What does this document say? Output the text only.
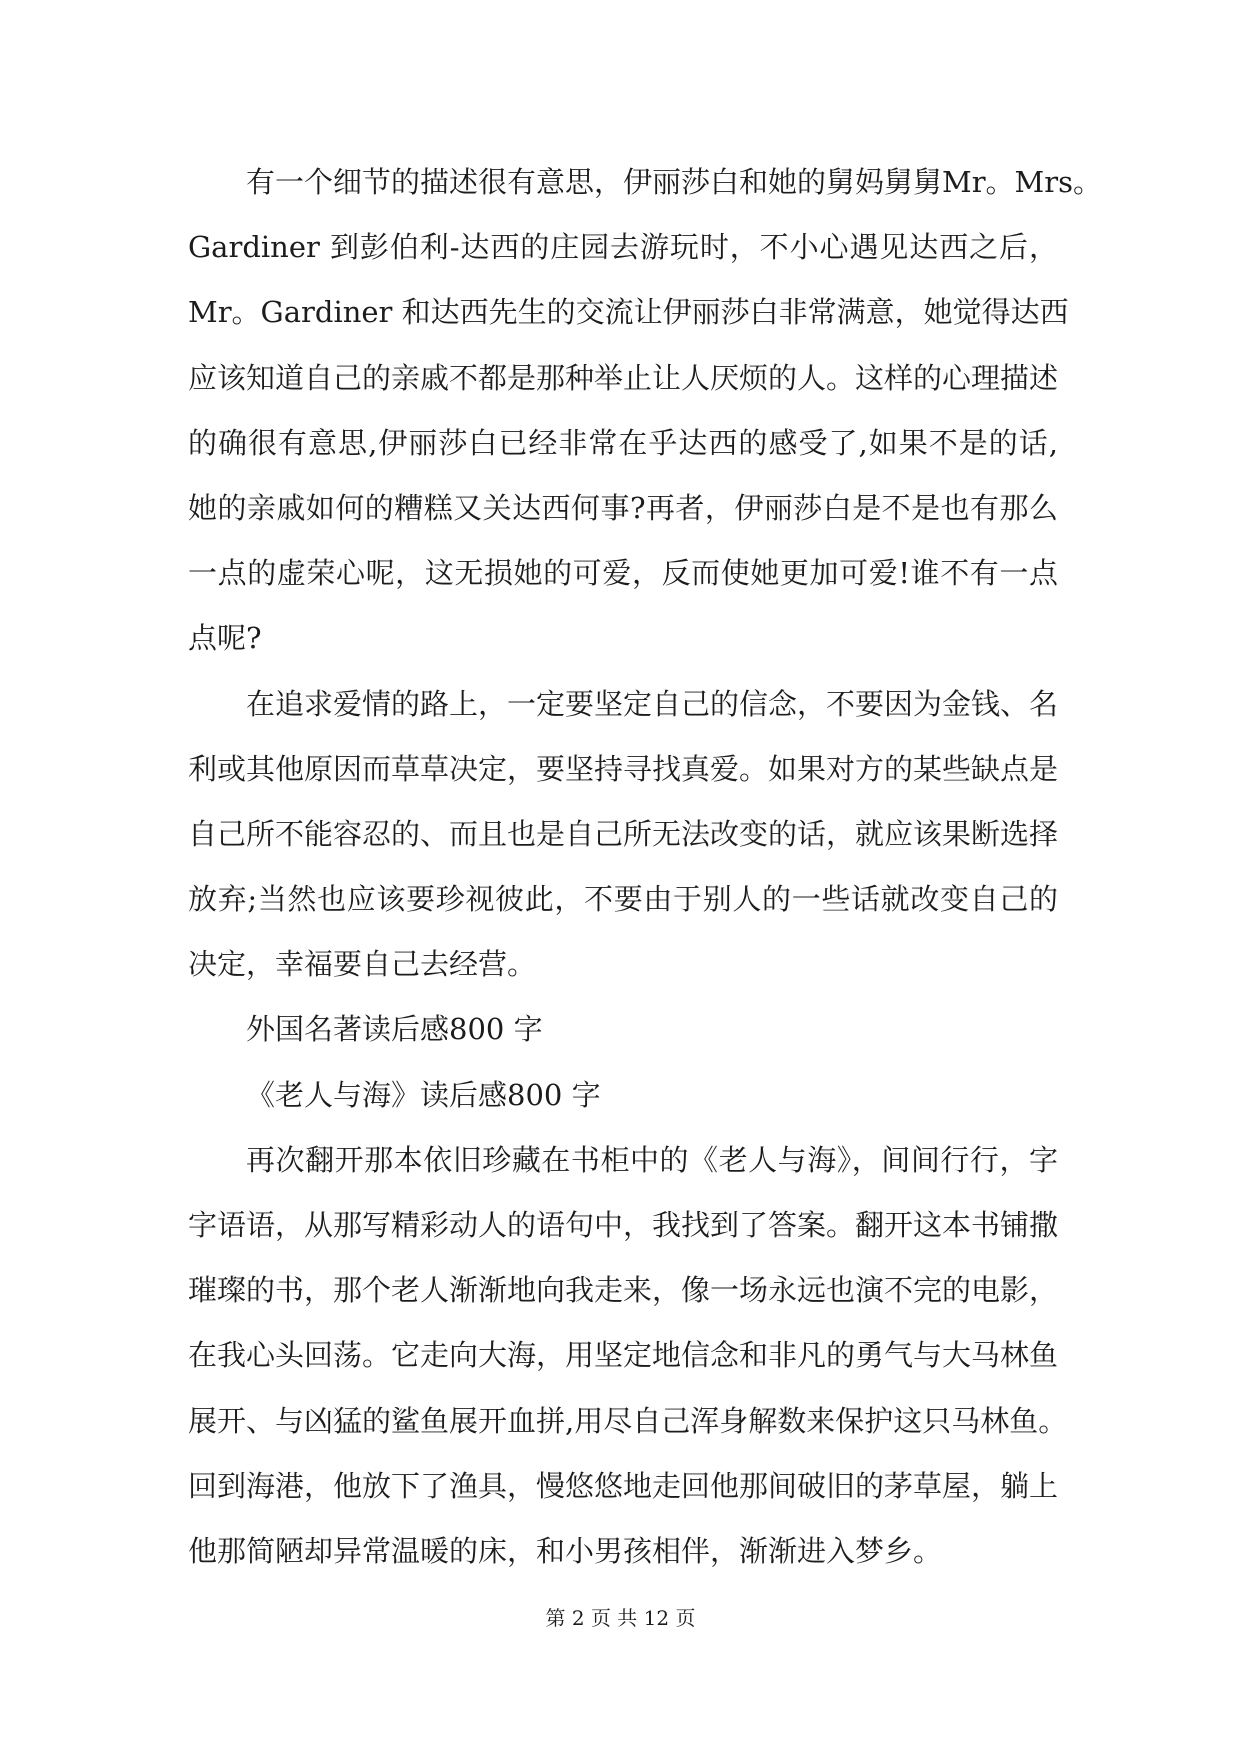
有一个细节的描述很有意思，伊丽莎白和她的舅妈舅舅Mr。Mrs。
Gardiner 到彭伯利-达西的庄园去游玩时，不小心遇见达西之后，
Mr。Gardiner 和达西先生的交流让伊丽莎白非常满意，她觉得达西
应该知道自己的亲戚不都是那种举止让人厌烦的人。这样的心理描述
的确很有意思,伊丽莎白已经非常在乎达西的感受了,如果不是的话,
她的亲戚如何的糟糕又关达西何事?再者，伊丽莎白是不是也有那么
一点的虚荣心呢，这无损她的可爱，反而使她更加可爱!谁不有一点
点呢?
在追求爱情的路上，一定要坚定自己的信念，不要因为金钱、名
利或其他原因而草草决定，要坚持寻找真爱。如果对方的某些缺点是
自己所不能容忍的、而且也是自己所无法改变的话，就应该果断选择
放弃;当然也应该要珍视彼此，不要由于别人的一些话就改变自己的
决定，幸福要自己去经营。
外国名著读后感800 字
《老人与海》读后感800 字
再次翻开那本依旧珍藏在书柜中的《老人与海》，间间行行，字
字语语，从那写精彩动人的语句中，我找到了答案。翻开这本书铺撒
璀璨的书，那个老人渐渐地向我走来，像一场永远也演不完的电影，
在我心头回荡。它走向大海，用坚定地信念和非凡的勇气与大马林鱼
展开、与凶猛的鲨鱼展开血拼,用尽自己浑身解数来保护这只马林鱼。
回到海港，他放下了渔具，慢悠悠地走回他那间破旧的茅草屋，躺上
他那简陋却异常温暖的床，和小男孩相伴，渐渐进入梦乡。
第 2 页 共 12 页
